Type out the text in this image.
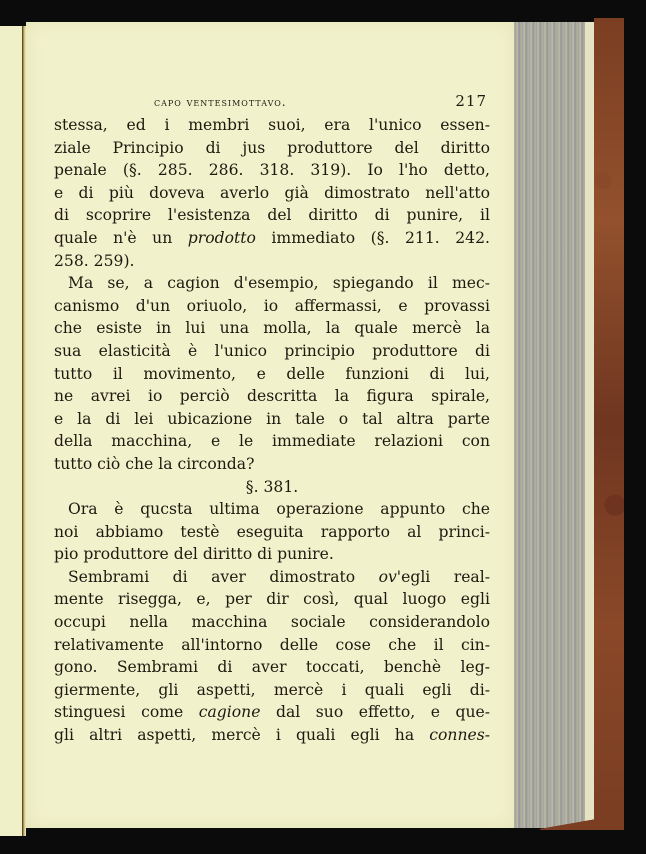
capo ventesimottavo.	217
stessa, ed i membri suoi, era l'unico essen-
ziale Principio di jus produttore del diritto
penale (§. 285. 286. 318. 319). Io l'ho detto,
e di più doveva averlo già dimostrato nell'atto
di scoprire l'esistenza del diritto di punire, il
quale n'è un prodotto immediato (§. 211. 242.
258. 259).
Ma se, a cagion d'esempio, spiegando il mec-
canismo d'un oriuolo, io affermassi, e provassi
che esiste in lui una molla, la quale mercè la
sua elasticità è l'unico principio produttore di
tutto il movimento, e delle funzioni di lui,
ne avrei io perciò descritta la figura spirale,
e la di lei ubicazione in tale o tal altra parte
della macchina, e le immediate relazioni con
tutto ciò che la circonda?
§. 381.
Ora è qucsta ultima operazione appunto che
noi abbiamo testè eseguita rapporto al princi-
pio produttore del diritto di punire.
Sembrami di aver dimostrato ov'egli real-
mente risegga, e, per dir così, qual luogo egli
occupi nella macchina sociale considerandolo
relativamente all'intorno delle cose che il cin-
gono. Sembrami di aver toccati, benchè leg-
giermente, gli aspetti, mercè i quali egli di-
stinguesi come cagione dal suo effetto, e que-
gli altri aspetti, mercè i quali egli ha connes-
